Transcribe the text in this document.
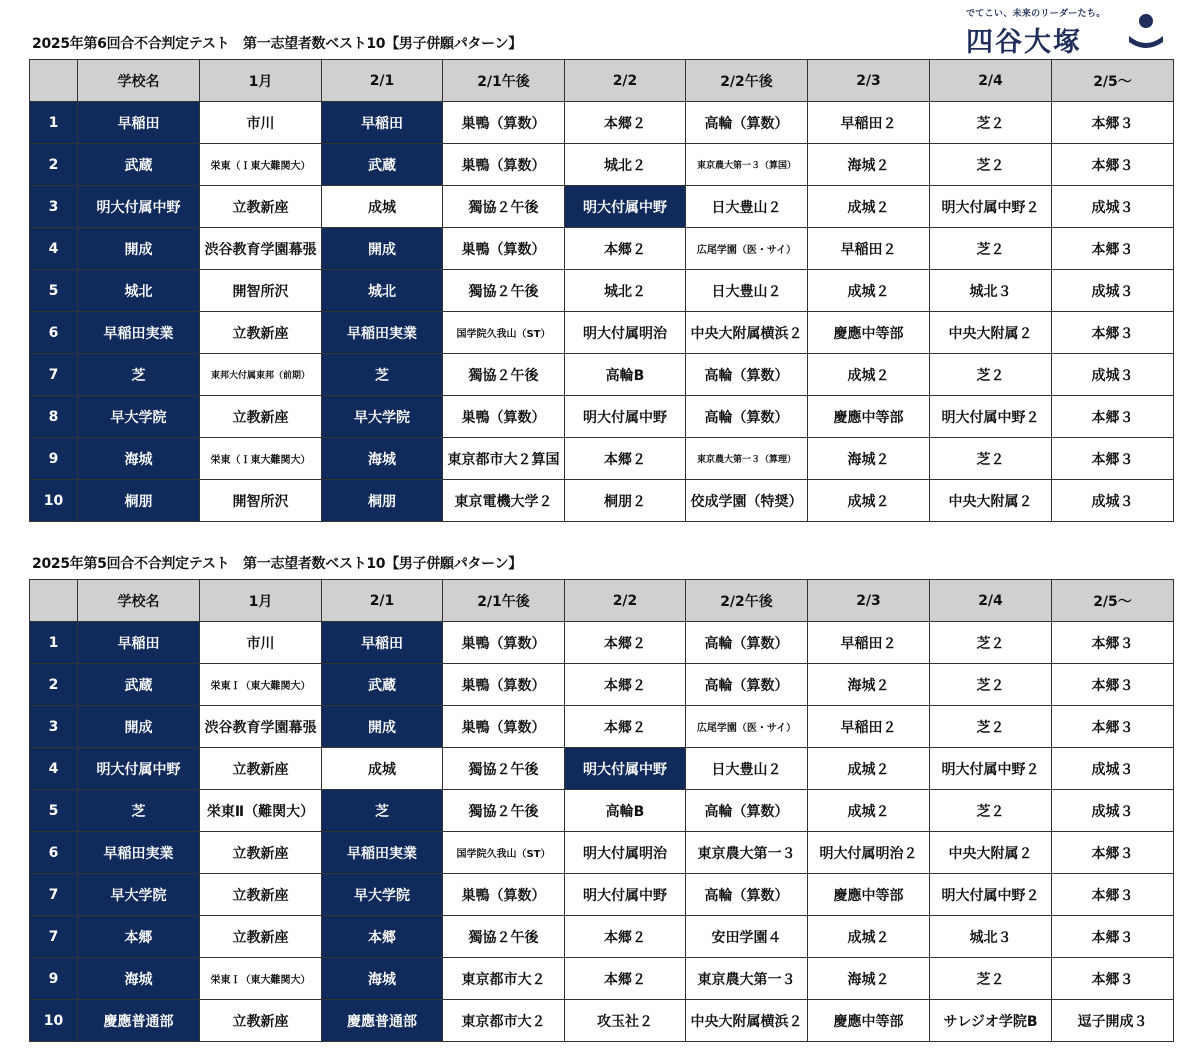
でてこい、未来のリーダーたち。
四谷大塚
2025年第6回合不合判定テスト　第一志望者数ベスト10【男子併願パターン】
	学校名	1月	2/1	2/1午後	2/2	2/2午後	2/3	2/4	2/5～
1	早稲田	市川	早稲田	巣鴨（算数）	本郷２	高輪（算数）	早稲田２	芝２	本郷３
2	武蔵	栄東（Ｉ東大難関大）	武蔵	巣鴨（算数）	城北２	東京農大第一３（算国）	海城２	芝２	本郷３
3	明大付属中野	立教新座	成城	獨協２午後	明大付属中野	日大豊山２	成城２	明大付属中野２	成城３
4	開成	渋谷教育学園幕張	開成	巣鴨（算数）	本郷２	広尾学園（医・サイ）	早稲田２	芝２	本郷３
5	城北	開智所沢	城北	獨協２午後	城北２	日大豊山２	成城２	城北３	成城３
6	早稲田実業	立教新座	早稲田実業	国学院久我山（ST）	明大付属明治	中央大附属横浜２	慶應中等部	中央大附属２	本郷３
7	芝	東邦大付属東邦（前期）	芝	獨協２午後	高輪B	高輪（算数）	成城２	芝２	成城３
8	早大学院	立教新座	早大学院	巣鴨（算数）	明大付属中野	高輪（算数）	慶應中等部	明大付属中野２	本郷３
9	海城	栄東（Ｉ東大難関大）	海城	東京都市大２算国	本郷２	東京農大第一３（算理）	海城２	芝２	本郷３
10	桐朋	開智所沢	桐朋	東京電機大学２	桐朋２	佼成学園（特奨）	成城２	中央大附属２	成城３
2025年第5回合不合判定テスト　第一志望者数ベスト10【男子併願パターン】
	学校名	1月	2/1	2/1午後	2/2	2/2午後	2/3	2/4	2/5～
1	早稲田	市川	早稲田	巣鴨（算数）	本郷２	高輪（算数）	早稲田２	芝２	本郷３
2	武蔵	栄東Ｉ（東大難関大）	武蔵	巣鴨（算数）	本郷２	高輪（算数）	海城２	芝２	本郷３
3	開成	渋谷教育学園幕張	開成	巣鴨（算数）	本郷２	広尾学園（医・サイ）	早稲田２	芝２	本郷３
4	明大付属中野	立教新座	成城	獨協２午後	明大付属中野	日大豊山２	成城２	明大付属中野２	成城３
5	芝	栄東Ⅱ（難関大）	芝	獨協２午後	高輪B	高輪（算数）	成城２	芝２	成城３
6	早稲田実業	立教新座	早稲田実業	国学院久我山（ST）	明大付属明治	東京農大第一３	明大付属明治２	中央大附属２	本郷３
7	早大学院	立教新座	早大学院	巣鴨（算数）	明大付属中野	高輪（算数）	慶應中等部	明大付属中野２	本郷３
7	本郷	立教新座	本郷	獨協２午後	本郷２	安田学園４	成城２	城北３	本郷３
9	海城	栄東Ｉ（東大難関大）	海城	東京都市大２	本郷２	東京農大第一３	海城２	芝２	本郷３
10	慶應普通部	立教新座	慶應普通部	東京都市大２	攻玉社２	中央大附属横浜２	慶應中等部	サレジオ学院B	逗子開成３
